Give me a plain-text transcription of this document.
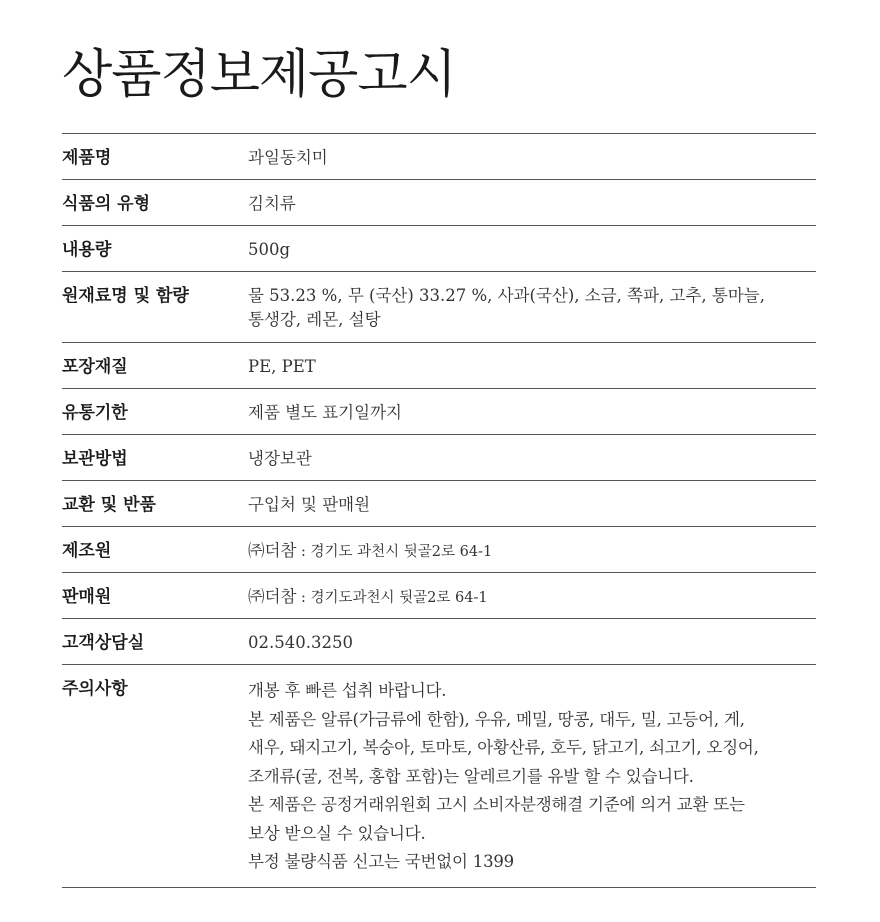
상품정보제공고시
제품명	과일동치미
식품의 유형	김치류
내용량	500g
원재료명 및 함량	물 53.23 %, 무 (국산) 33.27 %, 사과(국산), 소금, 쪽파, 고추, 통마늘,
통생강, 레몬, 설탕
포장재질	PE, PET
유통기한	제품 별도 표기일까지
보관방법	냉장보관
교환 및 반품	구입처 및 판매원
제조원	㈜더참 : 경기도 과천시 뒷골2로 64-1
판매원	㈜더참 : 경기도과천시 뒷골2로 64-1
고객상담실	02.540.3250
주의사항	개봉 후 빠른 섭취 바랍니다.
본 제품은 알류(가금류에 한함), 우유, 메밀, 땅콩, 대두, 밀, 고등어, 게,
새우, 돼지고기, 복숭아, 토마토, 아황산류, 호두, 닭고기, 쇠고기, 오징어,
조개류(굴, 전복, 홍합 포함)는 알레르기를 유발 할 수 있습니다.
본 제품은 공정거래위원회 고시 소비자분쟁해결 기준에 의거 교환 또는
보상 받으실 수 있습니다.
부정 불량식품 신고는 국번없이 1399
